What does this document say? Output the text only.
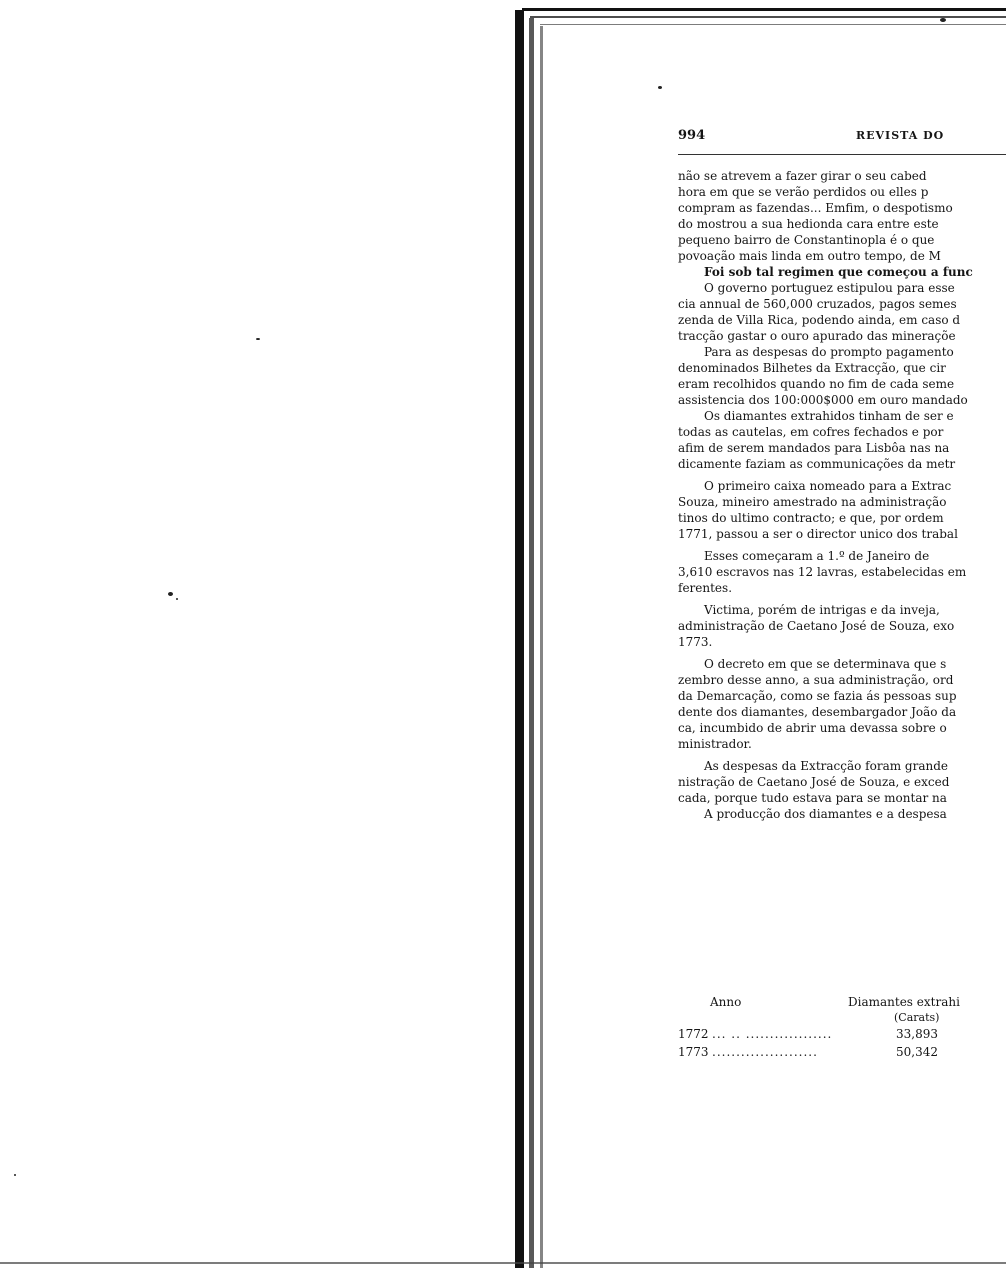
994	REVISTA DO
não se atrevem a fazer girar o seu cabed
hora em que se verão perdidos ou elles p
compram as fazendas... Emfim, o despotismo
do mostrou a sua hedionda cara entre este
pequeno bairro de Constantinopla é o que
povoação mais linda em outro tempo, de M
Foi sob tal regimen que começou a func
O governo portuguez estipulou para esse
cia annual de 560,000 cruzados, pagos semes
zenda de Villa Rica, podendo ainda, em caso d
tracção gastar o ouro apurado das mineraçõe
Para as despesas do prompto pagamento
denominados Bilhetes da Extracção, que cir
eram recolhidos quando no fim de cada seme
assistencia dos 100:000$000 em ouro mandado
Os diamantes extrahidos tinham de ser e
todas as cautelas, em cofres fechados e por
afim de serem mandados para Lisbôa nas na
dicamente faziam as communicações da metr
O primeiro caixa nomeado para a Extrac
Souza, mineiro amestrado na administração
tinos do ultimo contracto; e que, por ordem
1771, passou a ser o director unico dos trabal
Esses começaram a 1.º de Janeiro de
3,610 escravos nas 12 lavras, estabelecidas em
ferentes.
Victima, porém de intrigas e da inveja,
administração de Caetano José de Souza, exo
1773.
O decreto em que se determinava que s
zembro desse anno, a sua administração, ord
da Demarcação, como se fazia ás pessoas sup
dente dos diamantes, desembargador João da
ca, incumbido de abrir uma devassa sobre o
ministrador.
As despesas da Extracção foram grande
nistração de Caetano José de Souza, e exced
cada, porque tudo estava para se montar na
A producção dos diamantes e a despesa
Anno	Diamantes extrahi
(Carats)
1772 ... .. ..................	33,893
1773 ......................	50,342
